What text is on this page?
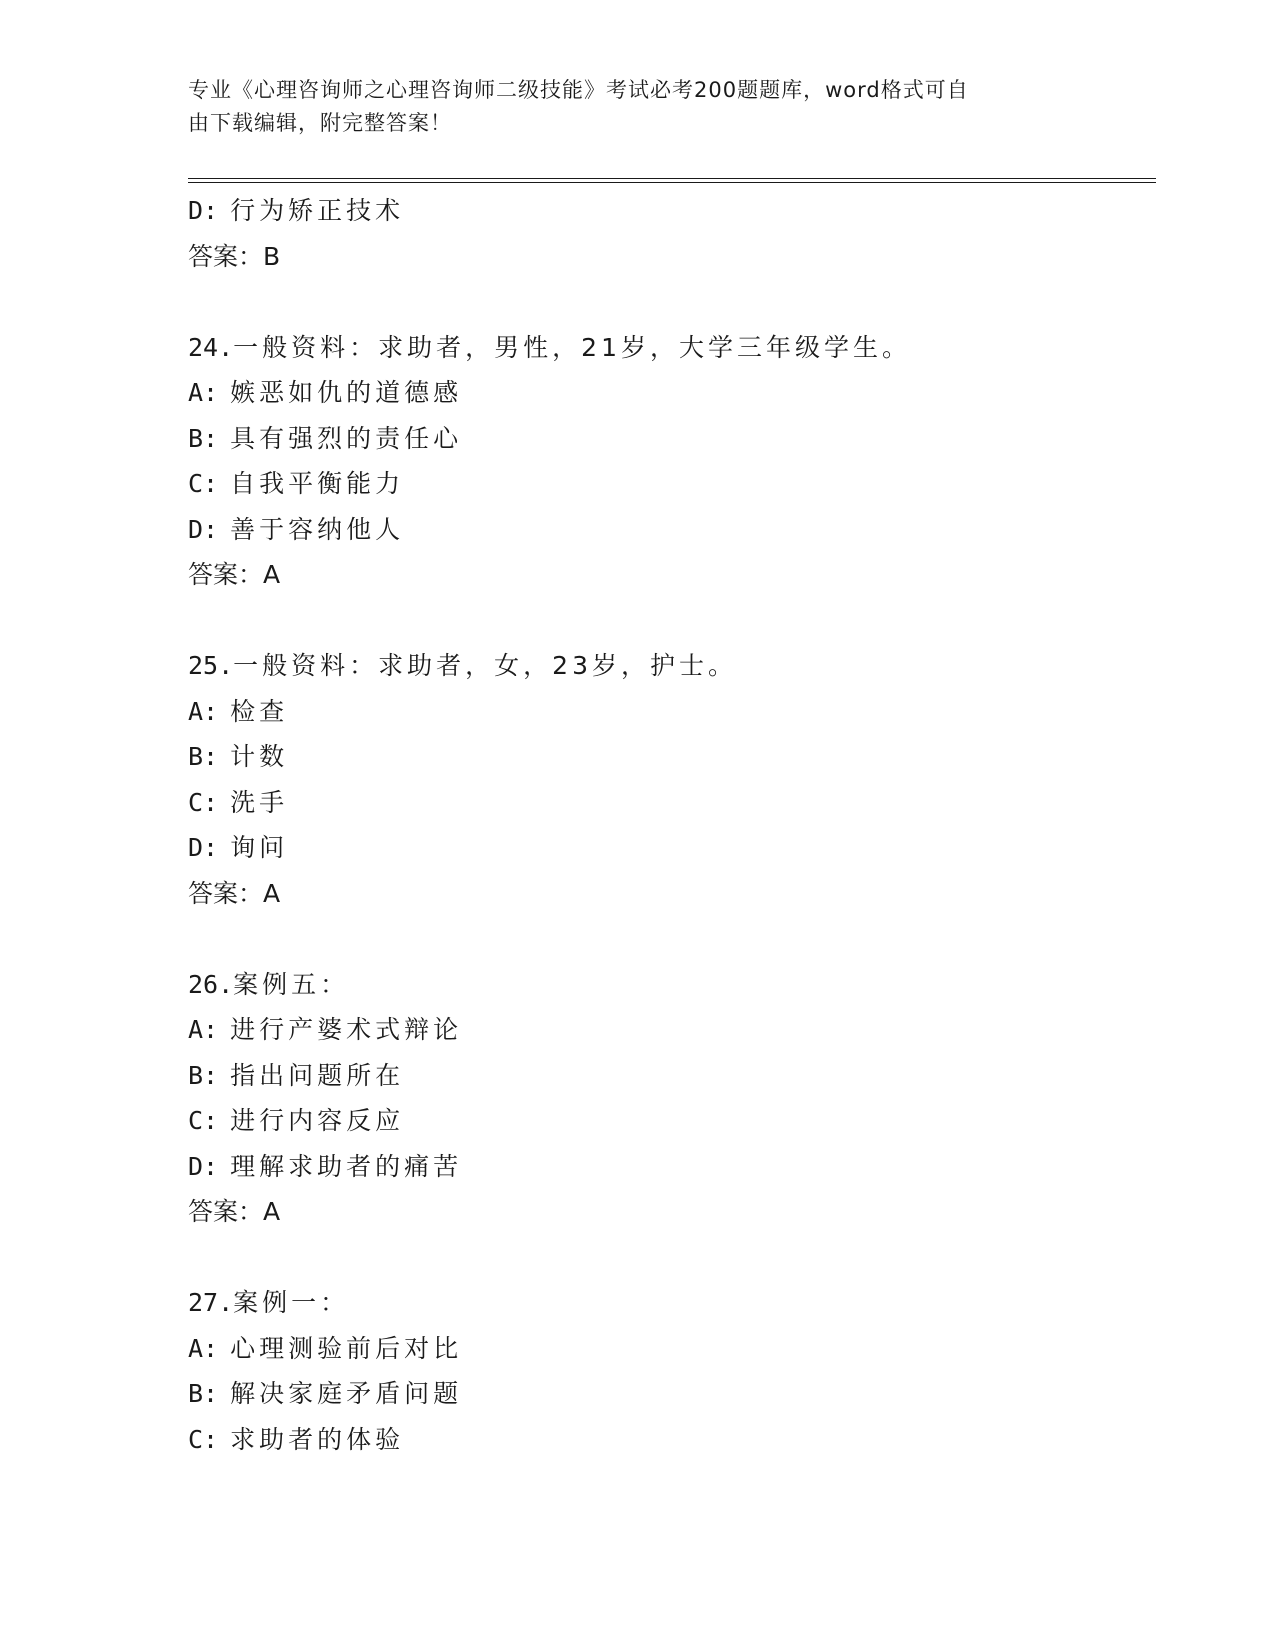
专业《心理咨询师之心理咨询师二级技能》考试必考200题题库，word格式可自
由下载编辑，附完整答案！
D: 行为矫正技术
答案：B
24.一般资料：求助者，男性，21岁，大学三年级学生。
A: 嫉恶如仇的道德感
B: 具有强烈的责任心
C: 自我平衡能力
D: 善于容纳他人
答案：A
25.一般资料：求助者，女，23岁，护士。
A: 检查
B: 计数
C: 洗手
D: 询问
答案：A
26.案例五：
A: 进行产婆术式辩论
B: 指出问题所在
C: 进行内容反应
D: 理解求助者的痛苦
答案：A
27.案例一：
A: 心理测验前后对比
B: 解决家庭矛盾问题
C: 求助者的体验
